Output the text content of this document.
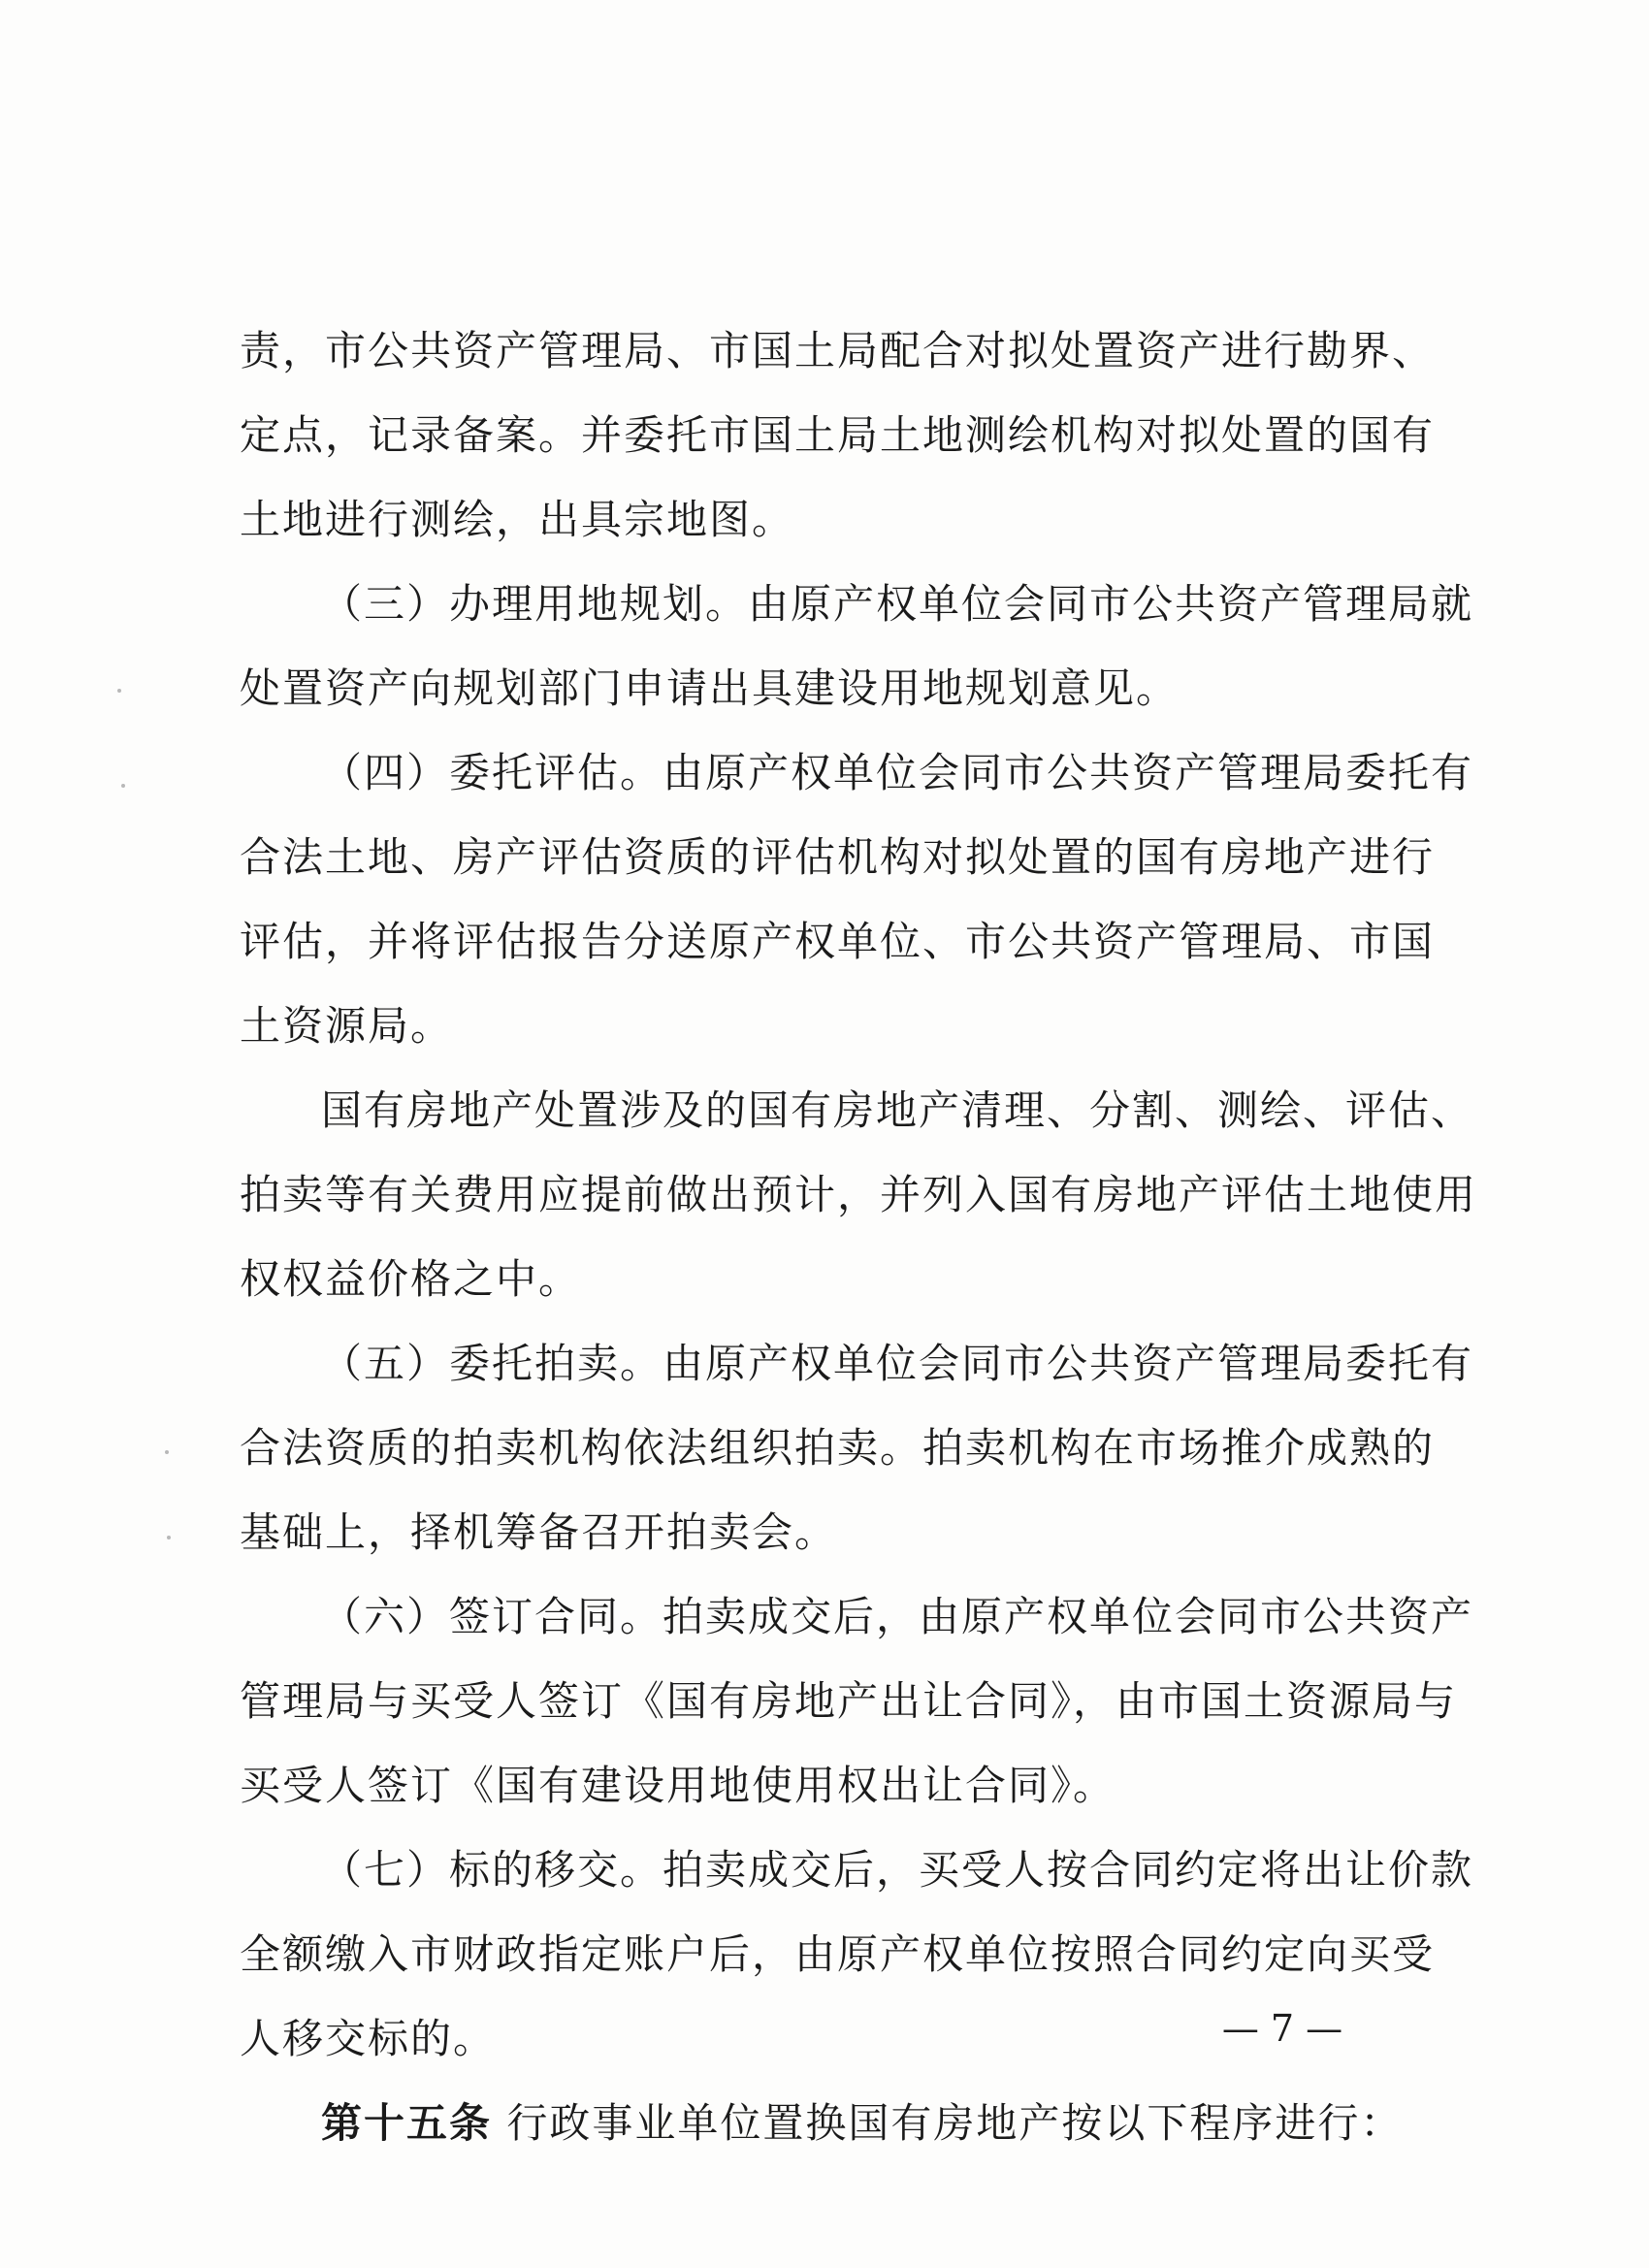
责，市公共资产管理局、市国土局配合对拟处置资产进行勘界、
定点，记录备案。并委托市国土局土地测绘机构对拟处置的国有
土地进行测绘，出具宗地图。
（三）办理用地规划。由原产权单位会同市公共资产管理局就
处置资产向规划部门申请出具建设用地规划意见。
（四）委托评估。由原产权单位会同市公共资产管理局委托有
合法土地、房产评估资质的评估机构对拟处置的国有房地产进行
评估，并将评估报告分送原产权单位、市公共资产管理局、市国
土资源局。
国有房地产处置涉及的国有房地产清理、分割、测绘、评估、
拍卖等有关费用应提前做出预计，并列入国有房地产评估土地使用
权权益价格之中。
（五）委托拍卖。由原产权单位会同市公共资产管理局委托有
合法资质的拍卖机构依法组织拍卖。拍卖机构在市场推介成熟的
基础上，择机筹备召开拍卖会。
（六）签订合同。拍卖成交后，由原产权单位会同市公共资产
管理局与买受人签订《国有房地产出让合同》，由市国土资源局与
买受人签订《国有建设用地使用权出让合同》。
（七）标的移交。拍卖成交后，买受人按合同约定将出让价款
全额缴入市财政指定账户后，由原产权单位按照合同约定向买受
人移交标的。
第十五条 行政事业单位置换国有房地产按以下程序进行：
— 7 —
